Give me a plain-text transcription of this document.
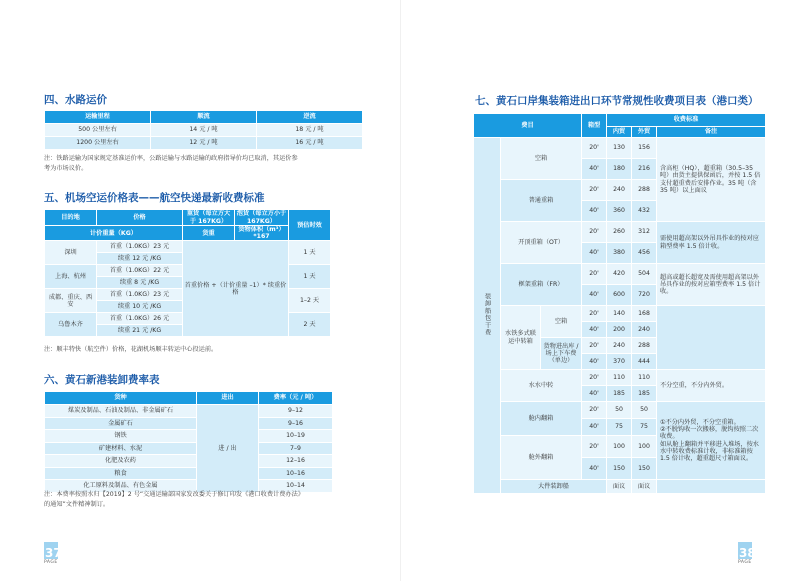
四、水路运价
运输里程	顺流	逆流
500 公里左右	14 元 / 吨	18 元 / 吨
1200 公里左右	12 元 / 吨	16 元 / 吨
注：铁路运输为国家规定基准运价率，公路运输与水路运输的政府指导价均已取消，其运价参
考为市场议价。
五、机场空运价格表——航空快递最新收费标准
目的地	价格	重货（每立方大于 167KG）	泡货（每立方小于 167KG）	预估时效
计价重量（KG）		货重	货物体积（m³）*167	
深圳	首重（1.0KG）23 元	首重价格 +（计价重量 –1）* 续重价格		1 天
	续重 12 元 /KG			
上海、杭州	首重（1.0KG）22 元			1 天
	续重 8 元 /KG			
成都、重庆、西安	首重（1.0KG）23 元			1–2 天
	续重 10 元 /KG			
乌鲁木齐	首重（1.0KG）26 元			2 天
	续重 21 元 /KG			
注：顺丰特快（航空件）价格，花湖机场顺丰转运中心投运前。
六、黄石新港装卸费率表
货种	进出	费率（元 / 吨）
煤炭及制品、石油及制品、非金属矿石	进 / 出	9–12
金属矿石		9–16
钢铁		10–19
矿建材料、水泥		7–9
化肥及农药		12–16
粮食		10–16
化工原料及制品、有色金属		10–14
注：本费率按照水归【2019】2 号“交通运输部国家发改委关于修订印发《港口收费计费办法》
的通知”文件精神制订。
37
PAGE
七、黄石口岸集装箱进出口环节常规性收费项目表（港口类）
费目			箱型	收费标准		
				内贸	外贸	备注
装卸船包干费	空箱		20'	130	156	含高柜（HQ），超重箱（30.5–35 吨）由货主提供保函后，并按 1.5 倍支付超重费后安排作业。35 吨（含 35 吨）以上面议
			40'	180	216	
	普通重箱		20'	240	288	
			40'	360	432	
	开顶重箱（OT）		20'	260	312	需使用超高架以外吊具作业的按对应箱型费率 1.5 倍计收。
			40'	380	456	
	框架重箱（FR）		20'	420	504	超高或超长超宽及需使用超高架以外吊具作业的按对应箱型费率 1.5 倍计收。
			40'	600	720	
	水铁多式联运中转箱	空箱	20'	140	168	
			40'	200	240	
		货物进出库 / 场上下车费（单边）	20'	240	288	
			40'	370	444	
	水水中转		20'	110	110	不分空重，不分内外贸。
			40'	185	185	
	舱内翻箱		20'	50	50	①不分内外贸，不分空重箱。
②不脱钩收一次搬移，脱钩按照二次收费。
如从舱上翻箱并平移进入堆场，按水水中转收费标准计收，非标准箱按 1.5 倍计收，超重超尺寸箱面议。
			40'	75	75	
	舱外翻箱		20'	100	100	
			40'	150	150	
	大件装卸船			面议	面议	
38
PAGE
